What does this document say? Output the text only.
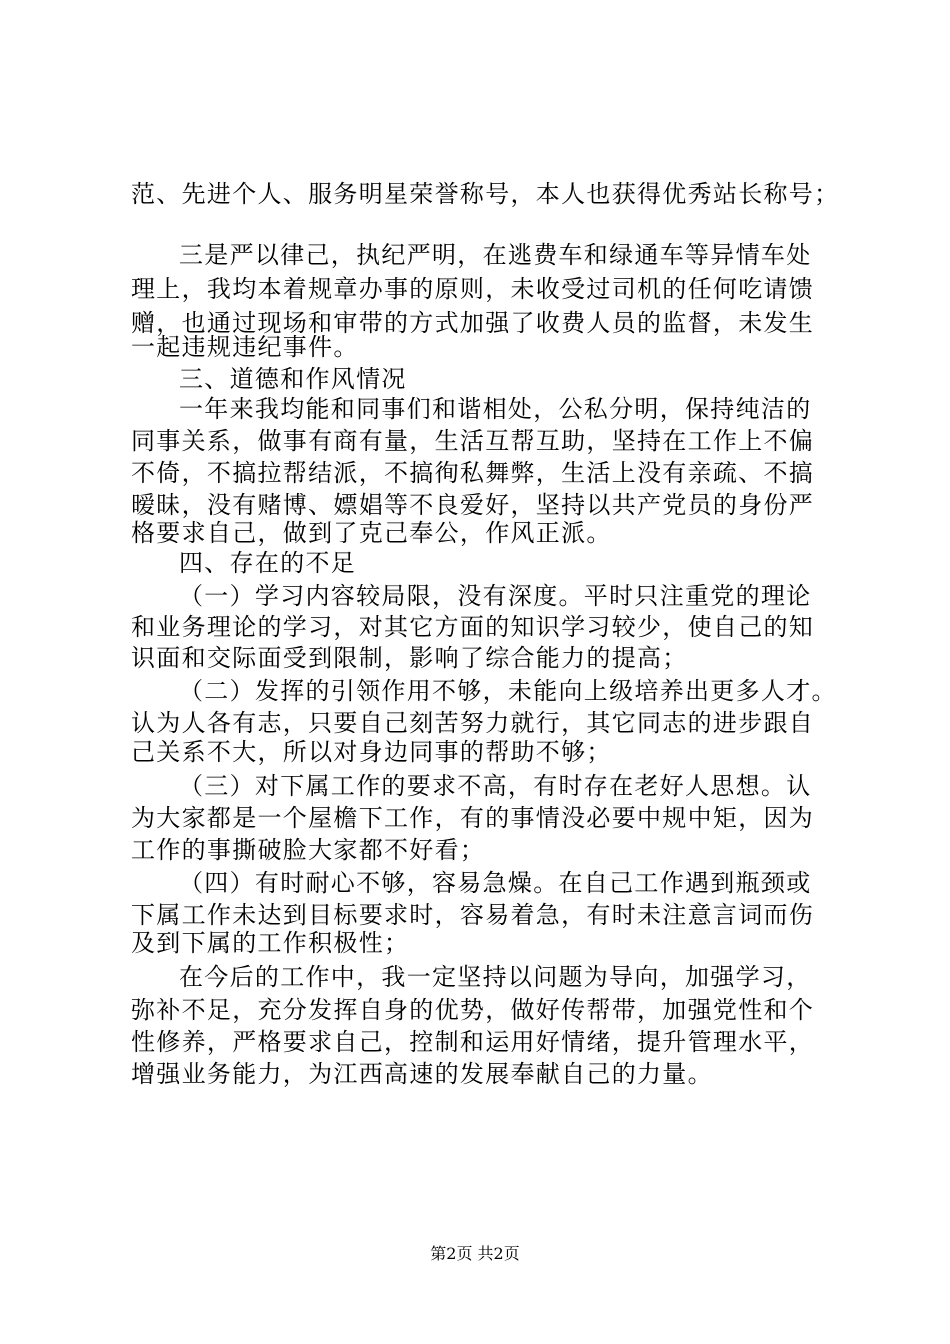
范、先进个人、服务明星荣誉称号，本人也获得优秀站长称号；
三是严以律己，执纪严明，在逃费车和绿通车等异情车处
理上，我均本着规章办事的原则，未收受过司机的任何吃请馈
赠，也通过现场和审带的方式加强了收费人员的监督，未发生
一起违规违纪事件。
三、道德和作风情况
一年来我均能和同事们和谐相处，公私分明，保持纯洁的
同事关系，做事有商有量，生活互帮互助，坚持在工作上不偏
不倚，不搞拉帮结派，不搞徇私舞弊，生活上没有亲疏、不搞
暧昧，没有赌博、嫖娼等不良爱好，坚持以共产党员的身份严
格要求自己，做到了克己奉公，作风正派。
四、存在的不足
（一）学习内容较局限，没有深度。平时只注重党的理论
和业务理论的学习，对其它方面的知识学习较少，使自己的知
识面和交际面受到限制，影响了综合能力的提高；
（二）发挥的引领作用不够，未能向上级培养出更多人才。
认为人各有志，只要自己刻苦努力就行，其它同志的进步跟自
己关系不大，所以对身边同事的帮助不够；
（三）对下属工作的要求不高，有时存在老好人思想。认
为大家都是一个屋檐下工作，有的事情没必要中规中矩，因为
工作的事撕破脸大家都不好看；
（四）有时耐心不够，容易急燥。在自己工作遇到瓶颈或
下属工作未达到目标要求时，容易着急，有时未注意言词而伤
及到下属的工作积极性；
在今后的工作中，我一定坚持以问题为导向，加强学习，
弥补不足，充分发挥自身的优势，做好传帮带，加强党性和个
性修养，严格要求自己，控制和运用好情绪，提升管理水平，
增强业务能力，为江西高速的发展奉献自己的力量。
第2页 共2页
